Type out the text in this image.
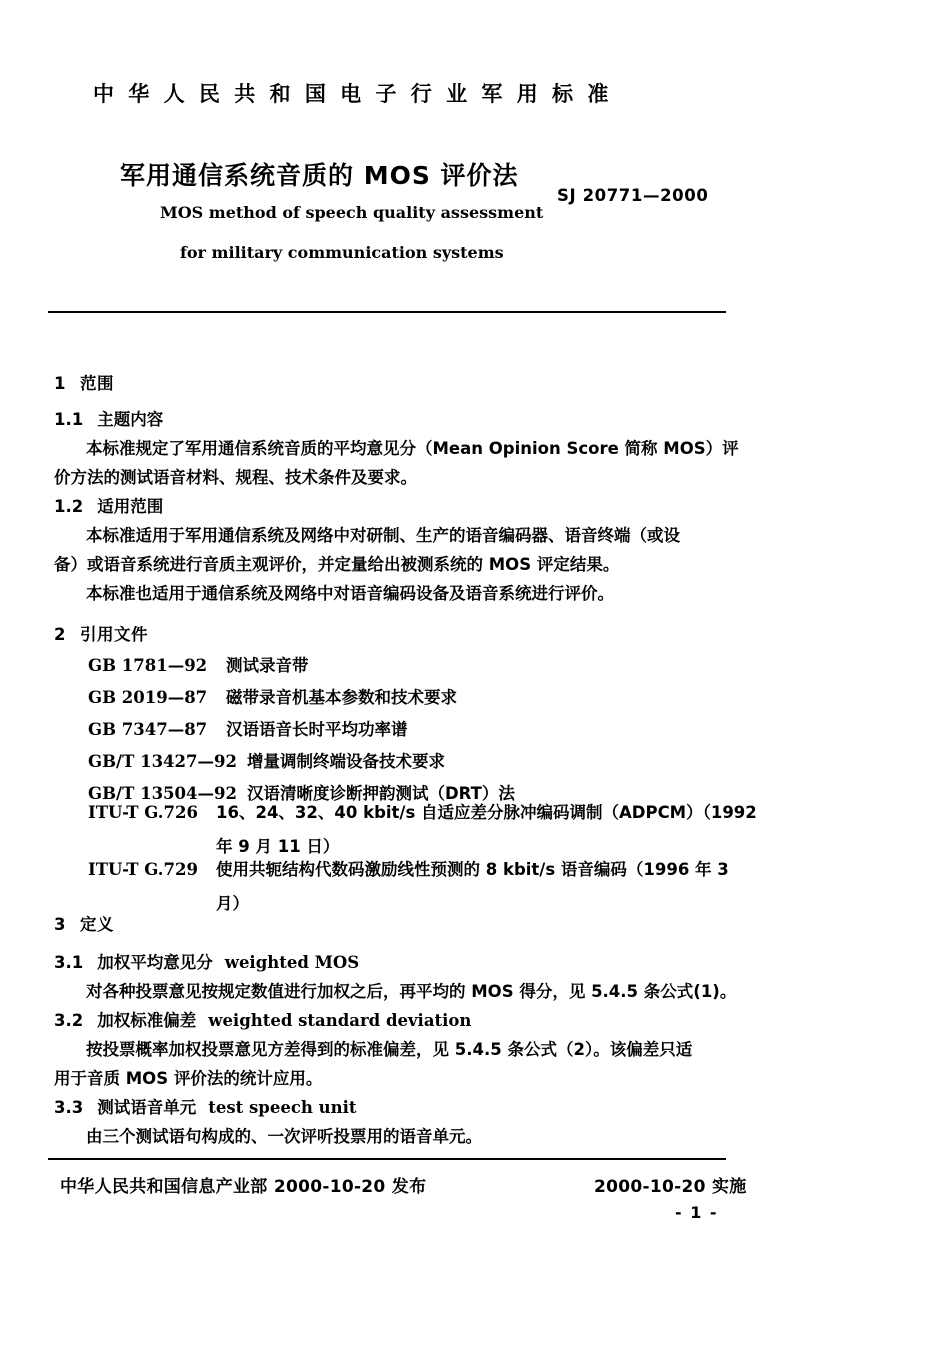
中 华 人 民 共 和 国 电 子 行 业 军 用 标 准
军用通信系统音质的 MOS 评价法
SJ 20771—2000
MOS method of speech quality assessment
for military communication systems
1 范围
1.1 主题内容
本标准规定了军用通信系统音质的平均意见分（Mean Opinion Score 简称 MOS）评
价方法的测试语音材料、规程、技术条件及要求。
1.2 适用范围
本标准适用于军用通信系统及网络中对研制、生产的语音编码器、语音终端（或设
备）或语音系统进行音质主观评价，并定量给出被测系统的 MOS 评定结果。
本标准也适用于通信系统及网络中对语音编码设备及语音系统进行评价。
2 引用文件
GB 1781—92	测试录音带
GB 2019—87	磁带录音机基本参数和技术要求
GB 7347—87	汉语语音长时平均功率谱
GB/T 13427—92 增量调制终端设备技术要求
GB/T 13504—92 汉语清晰度诊断押韵测试（DRT）法
ITU-T G.726	16、24、32、40 kbit/s 自适应差分脉冲编码调制（ADPCM）（1992
年 9 月 11 日）
ITU-T G.729	使用共轭结构代数码激励线性预测的 8 kbit/s 语音编码（1996 年 3
月）
3 定义
3.1 加权平均意见分 weighted MOS
对各种投票意见按规定数值进行加权之后，再平均的 MOS 得分，见 5.4.5 条公式(1)。
3.2 加权标准偏差 weighted standard deviation
按投票概率加权投票意见方差得到的标准偏差，见 5.4.5 条公式（2）。该偏差只适
用于音质 MOS 评价法的统计应用。
3.3 测试语音单元 test speech unit
由三个测试语句构成的、一次评听投票用的语音单元。
中华人民共和国信息产业部 2000-10-20 发布	2000-10-20 实施
- 1 -
